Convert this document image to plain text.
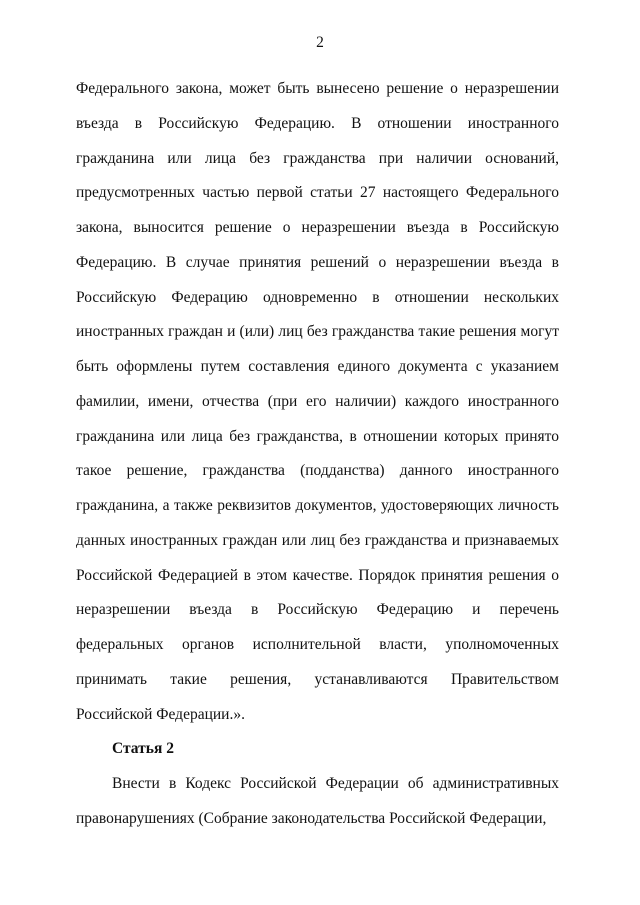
2

Федерального закона, может быть вынесено решение о неразрешении въезда в Российскую Федерацию. В отношении иностранного гражданина или лица без гражданства при наличии оснований, предусмотренных частью первой статьи 27 настоящего Федерального закона, выносится решение о неразрешении въезда в Российскую Федерацию. В случае принятия решений о неразрешении въезда в Российскую Федерацию одновременно в отношении нескольких иностранных граждан и (или) лиц без гражданства такие решения могут быть оформлены путем составления единого документа с указанием фамилии, имени, отчества (при его наличии) каждого иностранного гражданина или лица без гражданства, в отношении которых принято такое решение, гражданства (подданства) данного иностранного гражданина, а также реквизитов документов, удостоверяющих личность данных иностранных граждан или лиц без гражданства и признаваемых Российской Федерацией в этом качестве. Порядок принятия решения о неразрешении въезда в Российскую Федерацию и перечень федеральных органов исполнительной власти, уполномоченных принимать такие решения, устанавливаются Правительством Российской Федерации.».

Статья 2

Внести в Кодекс Российской Федерации об административных правонарушениях (Собрание законодательства Российской Федерации,
